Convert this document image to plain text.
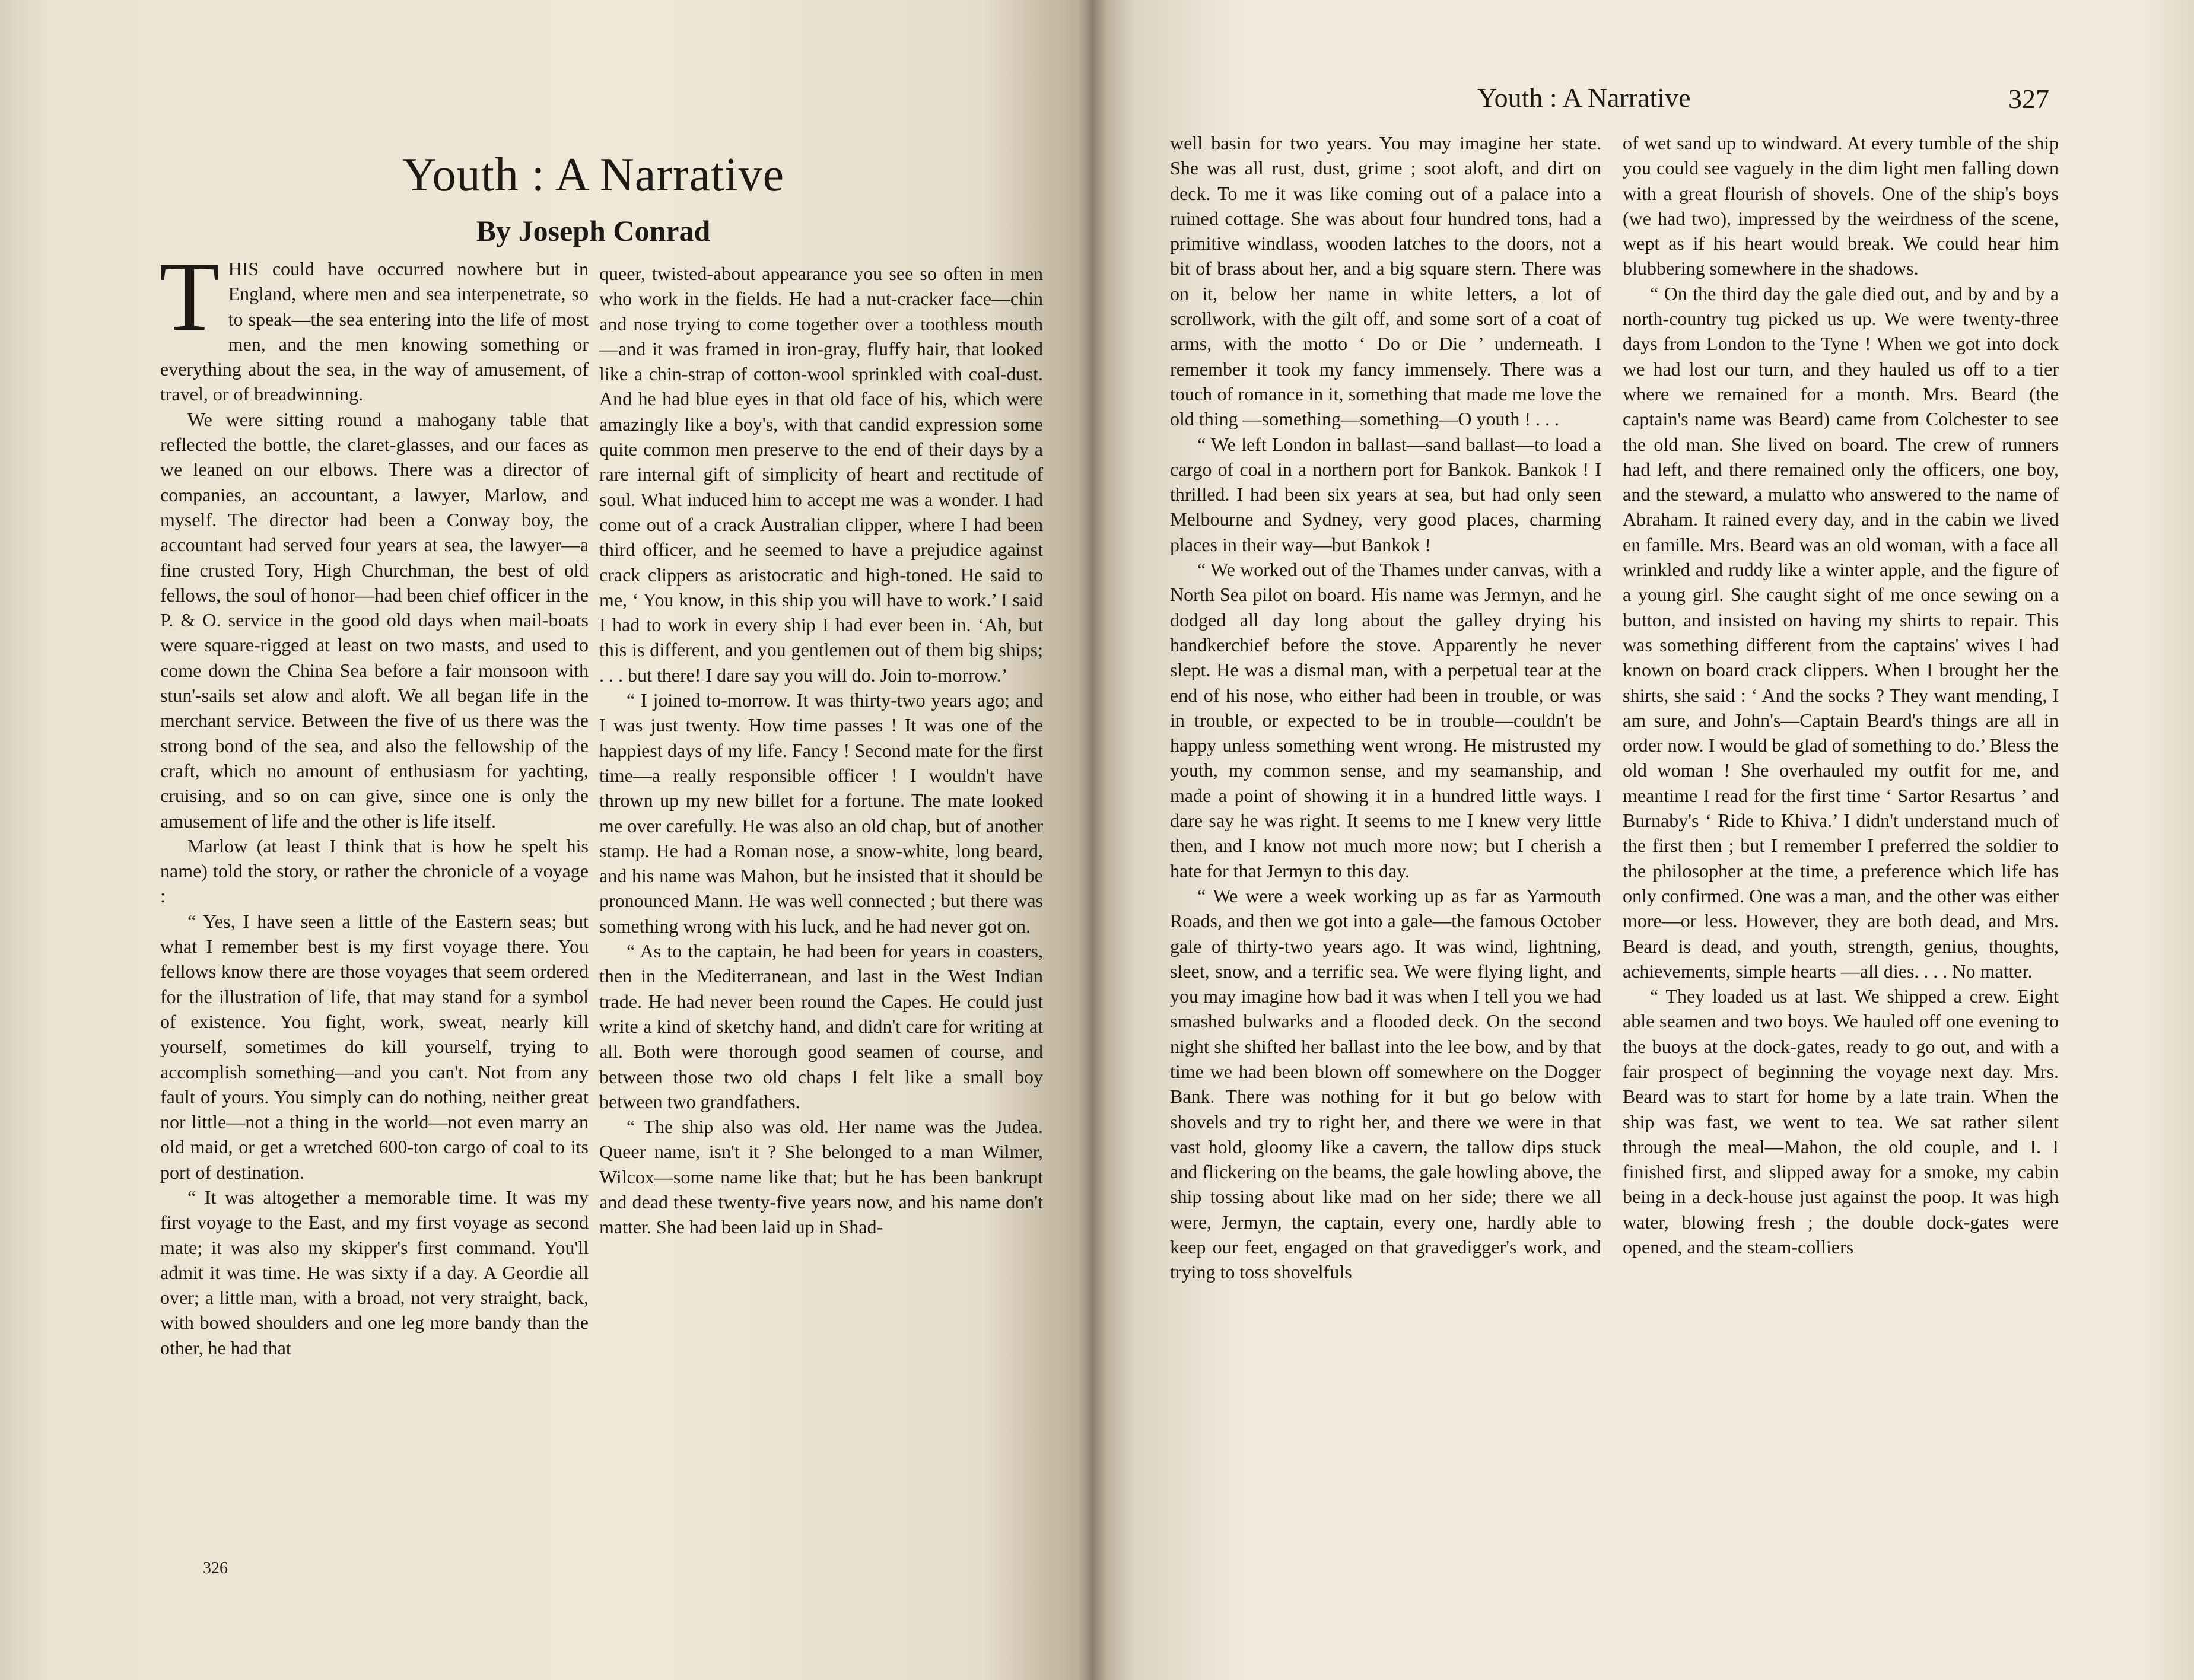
Youth : A Narrative
By Joseph Conrad

THIS could have occurred nowhere but in England, where men and sea interpenetrate, so to speak—the sea entering into the life of most men, and the men knowing something or everything about the sea, in the way of amusement, of travel, or of breadwinning.

We were sitting round a mahogany table that reflected the bottle, the claret-glasses, and our faces as we leaned on our elbows. There was a director of companies, an accountant, a lawyer, Marlow, and myself. The director had been a Conway boy, the accountant had served four years at sea, the lawyer—a fine crusted Tory, High Churchman, the best of old fellows, the soul of honor—had been chief officer in the P. & O. service in the good old days when mail-boats were square-rigged at least on two masts, and used to come down the China Sea before a fair monsoon with stun'-sails set alow and aloft. We all began life in the merchant service. Between the five of us there was the strong bond of the sea, and also the fellowship of the craft, which no amount of enthusiasm for yachting, cruising, and so on can give, since one is only the amusement of life and the other is life itself.

Marlow (at least I think that is how he spelt his name) told the story, or rather the chronicle of a voyage :

“ Yes, I have seen a little of the Eastern seas; but what I remember best is my first voyage there. You fellows know there are those voyages that seem ordered for the illustration of life, that may stand for a symbol of existence. You fight, work, sweat, nearly kill yourself, sometimes do kill yourself, trying to accomplish something—and you can't. Not from any fault of yours. You simply can do nothing, neither great nor little—not a thing in the world—not even marry an old maid, or get a wretched 600-ton cargo of coal to its port of destination.

“ It was altogether a memorable time. It was my first voyage to the East, and my first voyage as second mate; it was also my skipper's first command. You'll admit it was time. He was sixty if a day. A Geordie all over; a little man, with a broad, not very straight, back, with bowed shoulders and one leg more bandy than the other, he had that

queer, twisted-about appearance you see so often in men who work in the fields. He had a nut-cracker face—chin and nose trying to come together over a toothless mouth—and it was framed in iron-gray, fluffy hair, that looked like a chin-strap of cotton-wool sprinkled with coal-dust. And he had blue eyes in that old face of his, which were amazingly like a boy's, with that candid expression some quite common men preserve to the end of their days by a rare internal gift of simplicity of heart and rectitude of soul. What induced him to accept me was a wonder. I had come out of a crack Australian clipper, where I had been third officer, and he seemed to have a prejudice against crack clippers as aristocratic and high-toned. He said to me, ‘ You know, in this ship you will have to work.’ I said I had to work in every ship I had ever been in. ‘Ah, but this is different, and you gentlemen out of them big ships; . . . but there! I dare say you will do. Join to-morrow.’

“ I joined to-morrow. It was thirty-two years ago; and I was just twenty. How time passes ! It was one of the happiest days of my life. Fancy ! Second mate for the first time—a really responsible officer ! I wouldn't have thrown up my new billet for a fortune. The mate looked me over carefully. He was also an old chap, but of another stamp. He had a Roman nose, a snow-white, long beard, and his name was Mahon, but he insisted that it should be pronounced Mann. He was well connected ; but there was something wrong with his luck, and he had never got on.

“ As to the captain, he had been for years in coasters, then in the Mediterranean, and last in the West Indian trade. He had never been round the Capes. He could just write a kind of sketchy hand, and didn't care for writing at all. Both were thorough good seamen of course, and between those two old chaps I felt like a small boy between two grandfathers.

“ The ship also was old. Her name was the Judea. Queer name, isn't it ? She belonged to a man Wilmer, Wilcox—some name like that; but he has been bankrupt and dead these twenty-five years now, and his name don't matter. She had been laid up in Shad-

326

Youth : A Narrative	327

well basin for two years. You may imagine her state. She was all rust, dust, grime ; soot aloft, and dirt on deck. To me it was like coming out of a palace into a ruined cottage. She was about four hundred tons, had a primitive windlass, wooden latches to the doors, not a bit of brass about her, and a big square stern. There was on it, below her name in white letters, a lot of scrollwork, with the gilt off, and some sort of a coat of arms, with the motto ‘ Do or Die ’ underneath. I remember it took my fancy immensely. There was a touch of romance in it, something that made me love the old thing —something—something—O youth ! . . .

“ We left London in ballast—sand ballast—to load a cargo of coal in a northern port for Bankok. Bankok ! I thrilled. I had been six years at sea, but had only seen Melbourne and Sydney, very good places, charming places in their way—but Bankok !

“ We worked out of the Thames under canvas, with a North Sea pilot on board. His name was Jermyn, and he dodged all day long about the galley drying his handkerchief before the stove. Apparently he never slept. He was a dismal man, with a perpetual tear at the end of his nose, who either had been in trouble, or was in trouble, or expected to be in trouble—couldn't be happy unless something went wrong. He mistrusted my youth, my common sense, and my seamanship, and made a point of showing it in a hundred little ways. I dare say he was right. It seems to me I knew very little then, and I know not much more now; but I cherish a hate for that Jermyn to this day.

“ We were a week working up as far as Yarmouth Roads, and then we got into a gale—the famous October gale of thirty-two years ago. It was wind, lightning, sleet, snow, and a terrific sea. We were flying light, and you may imagine how bad it was when I tell you we had smashed bulwarks and a flooded deck. On the second night she shifted her ballast into the lee bow, and by that time we had been blown off somewhere on the Dogger Bank. There was nothing for it but go below with shovels and try to right her, and there we were in that vast hold, gloomy like a cavern, the tallow dips stuck and flickering on the beams, the gale howling above, the ship tossing about like mad on her side; there we all were, Jermyn, the captain, every one, hardly able to keep our feet, engaged on that gravedigger's work, and trying to toss shovelfuls

of wet sand up to windward. At every tumble of the ship you could see vaguely in the dim light men falling down with a great flourish of shovels. One of the ship's boys (we had two), impressed by the weirdness of the scene, wept as if his heart would break. We could hear him blubbering somewhere in the shadows.

“ On the third day the gale died out, and by and by a north-country tug picked us up. We were twenty-three days from London to the Tyne ! When we got into dock we had lost our turn, and they hauled us off to a tier where we remained for a month. Mrs. Beard (the captain's name was Beard) came from Colchester to see the old man. She lived on board. The crew of runners had left, and there remained only the officers, one boy, and the steward, a mulatto who answered to the name of Abraham. It rained every day, and in the cabin we lived en famille. Mrs. Beard was an old woman, with a face all wrinkled and ruddy like a winter apple, and the figure of a young girl. She caught sight of me once sewing on a button, and insisted on having my shirts to repair. This was something different from the captains' wives I had known on board crack clippers. When I brought her the shirts, she said : ‘ And the socks ? They want mending, I am sure, and John's—Captain Beard's things are all in order now. I would be glad of something to do.’ Bless the old woman ! She overhauled my outfit for me, and meantime I read for the first time ‘ Sartor Resartus ’ and Burnaby's ‘ Ride to Khiva.’ I didn't understand much of the first then ; but I remember I preferred the soldier to the philosopher at the time, a preference which life has only confirmed. One was a man, and the other was either more—or less. However, they are both dead, and Mrs. Beard is dead, and youth, strength, genius, thoughts, achievements, simple hearts —all dies. . . . No matter.

“ They loaded us at last. We shipped a crew. Eight able seamen and two boys. We hauled off one evening to the buoys at the dock-gates, ready to go out, and with a fair prospect of beginning the voyage next day. Mrs. Beard was to start for home by a late train. When the ship was fast, we went to tea. We sat rather silent through the meal—Mahon, the old couple, and I. I finished first, and slipped away for a smoke, my cabin being in a deck-house just against the poop. It was high water, blowing fresh ; the double dock-gates were opened, and the steam-colliers
